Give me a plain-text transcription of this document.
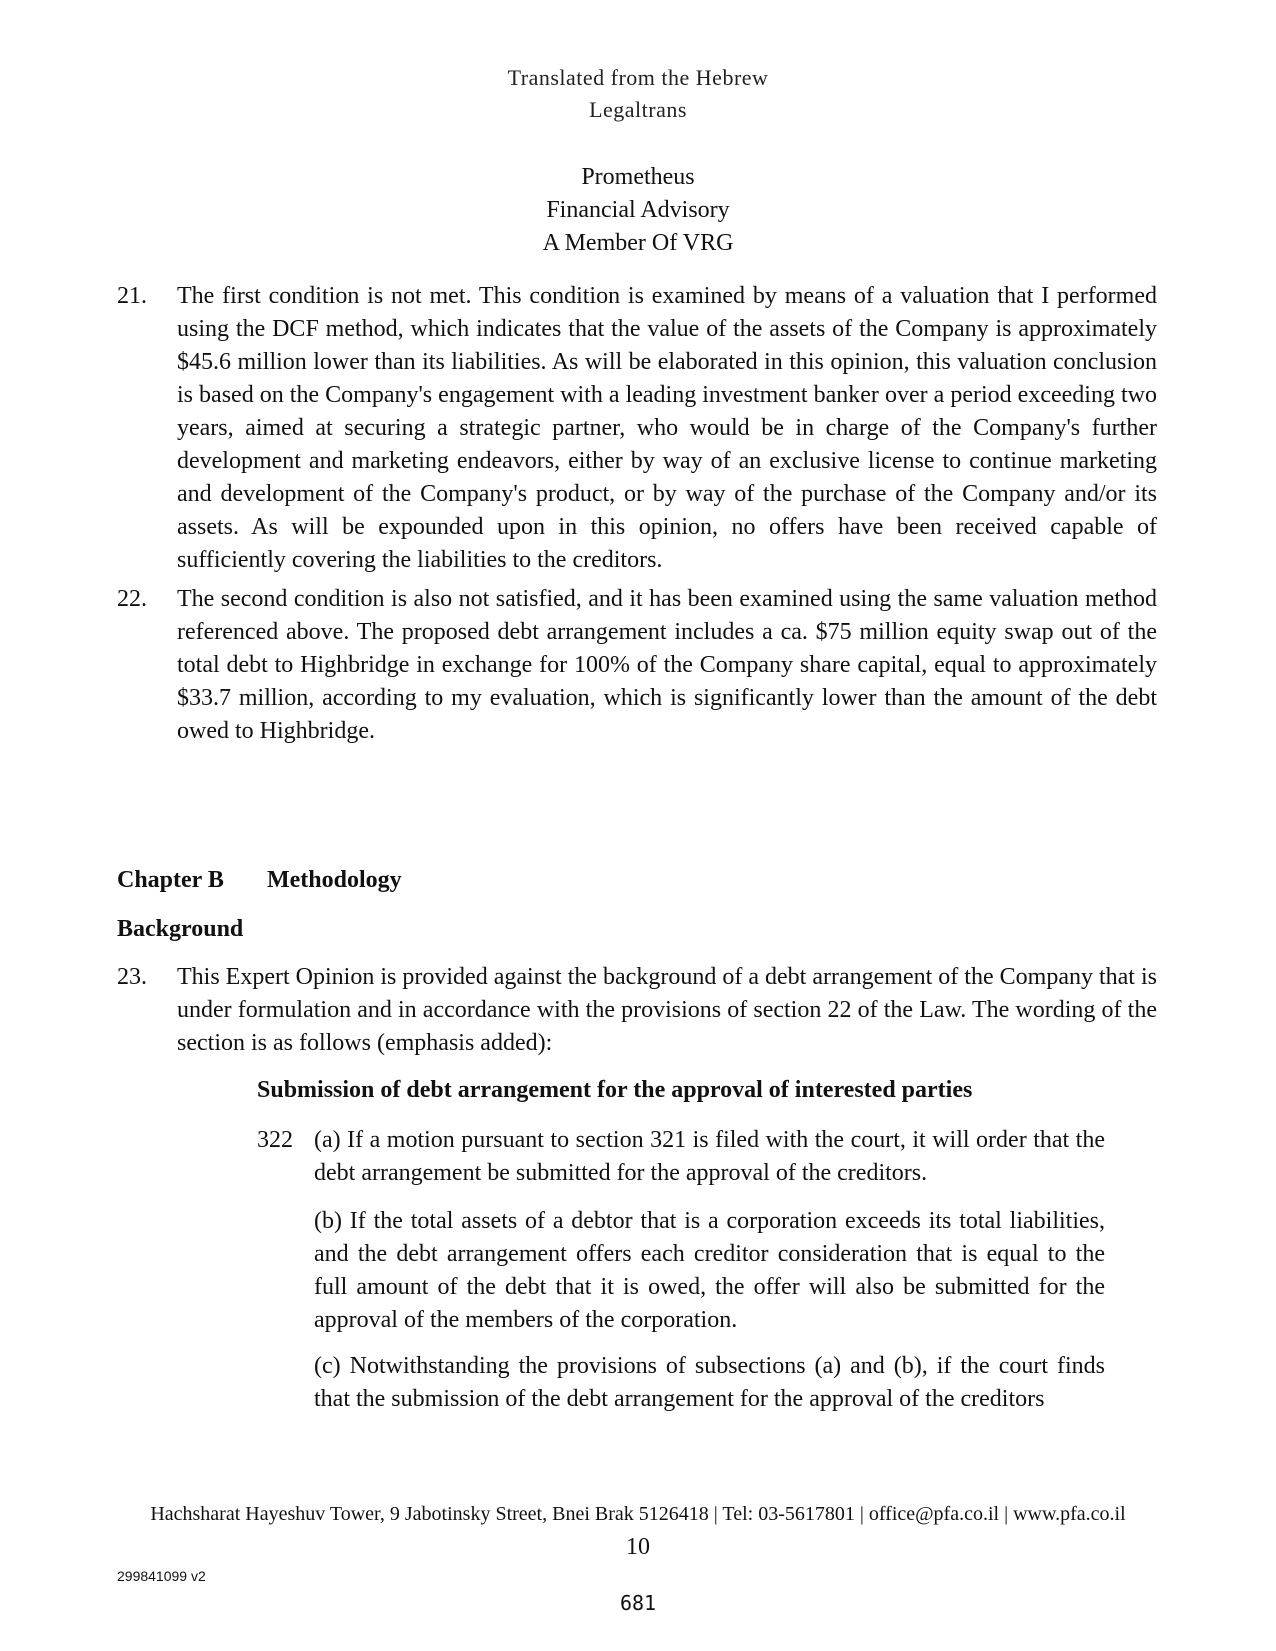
Translated from the Hebrew
Legaltrans
Prometheus
Financial Advisory
A Member Of VRG
21. The first condition is not met. This condition is examined by means of a valuation that I performed using the DCF method, which indicates that the value of the assets of the Company is approximately $45.6 million lower than its liabilities. As will be elaborated in this opinion, this valuation conclusion is based on the Company's engagement with a leading investment banker over a period exceeding two years, aimed at securing a strategic partner, who would be in charge of the Company's further development and marketing endeavors, either by way of an exclusive license to continue marketing and development of the Company's product, or by way of the purchase of the Company and/or its assets. As will be expounded upon in this opinion, no offers have been received capable of sufficiently covering the liabilities to the creditors.
22. The second condition is also not satisfied, and it has been examined using the same valuation method referenced above. The proposed debt arrangement includes a ca. $75 million equity swap out of the total debt to Highbridge in exchange for 100% of the Company share capital, equal to approximately $33.7 million, according to my evaluation, which is significantly lower than the amount of the debt owed to Highbridge.
Chapter B Methodology
Background
23. This Expert Opinion is provided against the background of a debt arrangement of the Company that is under formulation and in accordance with the provisions of section 22 of the Law. The wording of the section is as follows (emphasis added):
Submission of debt arrangement for the approval of interested parties
322 (a) If a motion pursuant to section 321 is filed with the court, it will order that the debt arrangement be submitted for the approval of the creditors.
(b) If the total assets of a debtor that is a corporation exceeds its total liabilities, and the debt arrangement offers each creditor consideration that is equal to the full amount of the debt that it is owed, the offer will also be submitted for the approval of the members of the corporation.
(c) Notwithstanding the provisions of subsections (a) and (b), if the court finds that the submission of the debt arrangement for the approval of the creditors
Hachsharat Hayeshuv Tower, 9 Jabotinsky Street, Bnei Brak 5126418 | Tel: 03-5617801 | office@pfa.co.il | www.pfa.co.il
10
299841099 v2
681
